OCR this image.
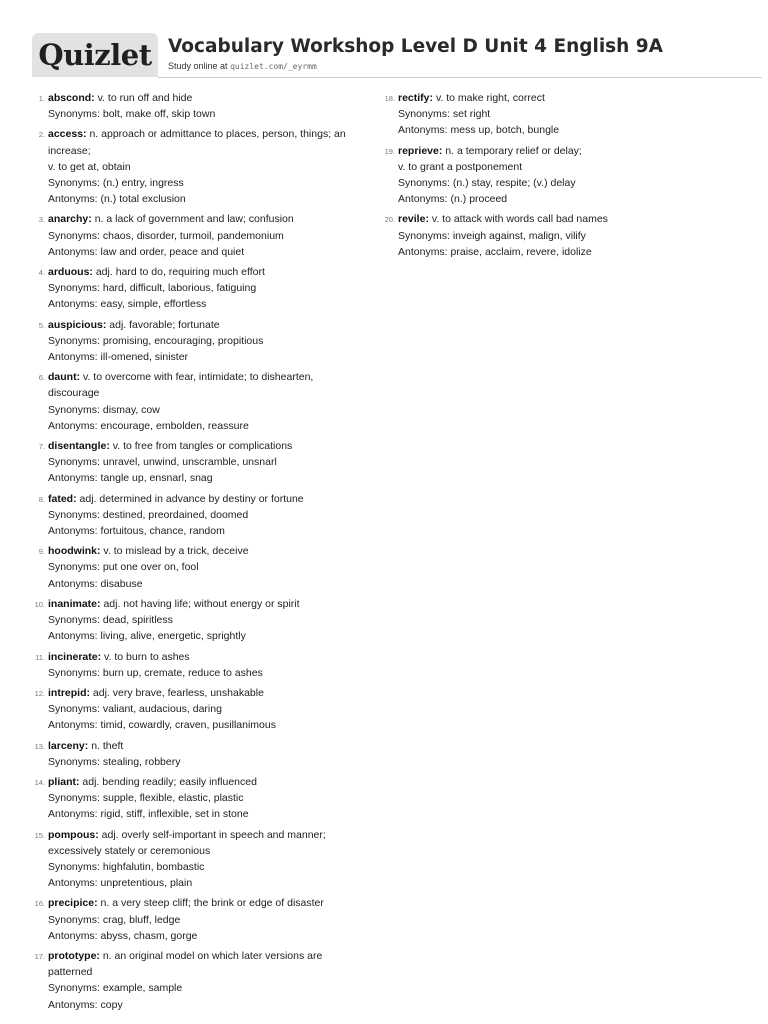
Quizlet Vocabulary Workshop Level D Unit 4 English 9A
Study online at quizlet.com/_eyrmm
1. abscond: v. to run off and hide
Synonyms: bolt, make off, skip town
2. access: n. approach or admittance to places, person, things; an increase;
v. to get at, obtain
Synonyms: (n.) entry, ingress
Antonyms: (n.) total exclusion
3. anarchy: n. a lack of government and law; confusion
Synonyms: chaos, disorder, turmoil, pandemonium
Antonyms: law and order, peace and quiet
4. arduous: adj. hard to do, requiring much effort
Synonyms: hard, difficult, laborious, fatiguing
Antonyms: easy, simple, effortless
5. auspicious: adj. favorable; fortunate
Synonyms: promising, encouraging, propitious
Antonyms: ill-omened, sinister
6. daunt: v. to overcome with fear, intimidate; to dishearten, discourage
Synonyms: dismay, cow
Antonyms: encourage, embolden, reassure
7. disentangle: v. to free from tangles or complications
Synonyms: unravel, unwind, unscramble, unsnarl
Antonyms: tangle up, ensnarl, snag
8. fated: adj. determined in advance by destiny or fortune
Synonyms: destined, preordained, doomed
Antonyms: fortuitous, chance, random
9. hoodwink: v. to mislead by a trick, deceive
Synonyms: put one over on, fool
Antonyms: disabuse
10. inanimate: adj. not having life; without energy or spirit
Synonyms: dead, spiritless
Antonyms: living, alive, energetic, sprightly
11. incinerate: v. to burn to ashes
Synonyms: burn up, cremate, reduce to ashes
12. intrepid: adj. very brave, fearless, unshakable
Synonyms: valiant, audacious, daring
Antonyms: timid, cowardly, craven, pusillanimous
13. larceny: n. theft
Synonyms: stealing, robbery
14. pliant: adj. bending readily; easily influenced
Synonyms: supple, flexible, elastic, plastic
Antonyms: rigid, stiff, inflexible, set in stone
15. pompous: adj. overly self-important in speech and manner; excessively stately or ceremonious
Synonyms: highfalutin, bombastic
Antonyms: unpretentious, plain
16. precipice: n. a very steep cliff; the brink or edge of disaster
Synonyms: crag, bluff, ledge
Antonyms: abyss, chasm, gorge
17. prototype: n. an original model on which later versions are patterned
Synonyms: example, sample
Antonyms: copy
18. rectify: v. to make right, correct
Synonyms: set right
Antonyms: mess up, botch, bungle
19. reprieve: n. a temporary relief or delay;
v. to grant a postponement
Synonyms: (n.) stay, respite; (v.) delay
Antonyms: (n.) proceed
20. revile: v. to attack with words call bad names
Synonyms: inveigh against, malign, vilify
Antonyms: praise, acclaim, revere, idolize
